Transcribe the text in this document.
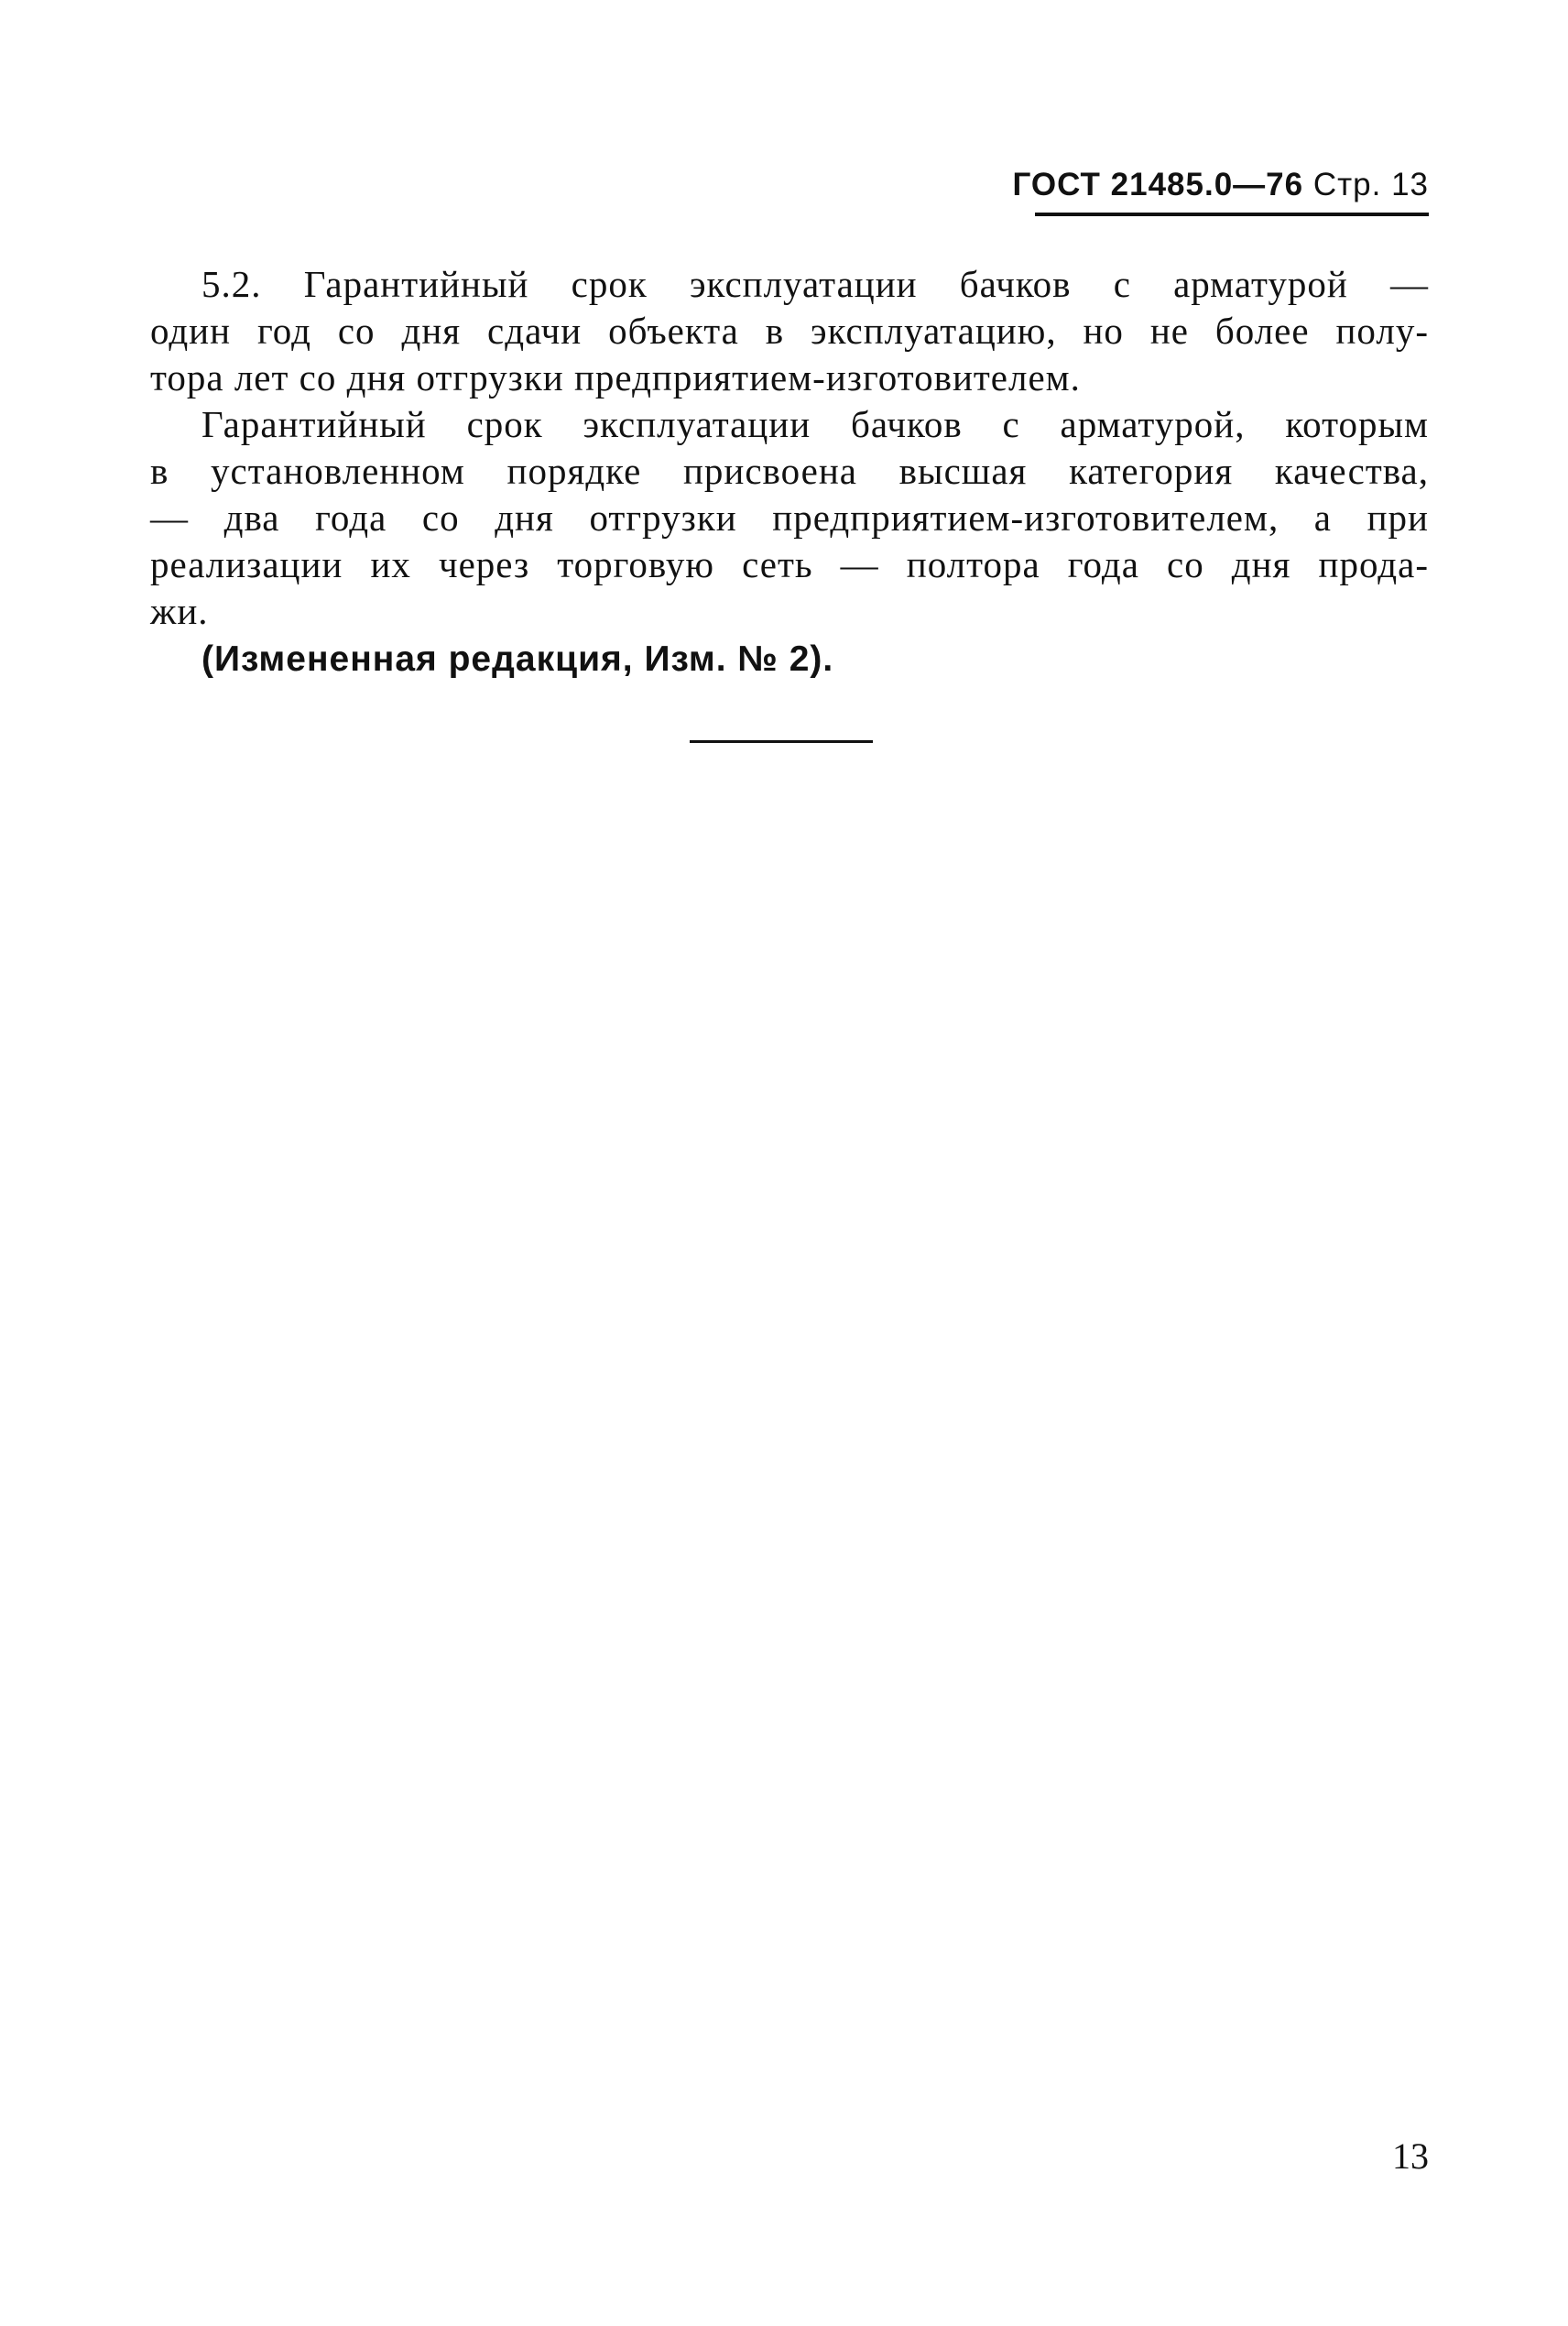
ГОСТ 21485.0—76 Стр. 13
5.2. Гарантийный срок эксплуатации бачков с арматурой —
один год со дня сдачи объекта в эксплуатацию, но не более полу-
тора лет со дня отгрузки предприятием-изготовителем.
Гарантийный срок эксплуатации бачков с арматурой, которым
в установленном порядке присвоена высшая категория качества,
— два года со дня отгрузки предприятием-изготовителем, а при
реализации их через торговую сеть — полтора года со дня прода-
жи.
(Измененная редакция, Изм. № 2).
13
